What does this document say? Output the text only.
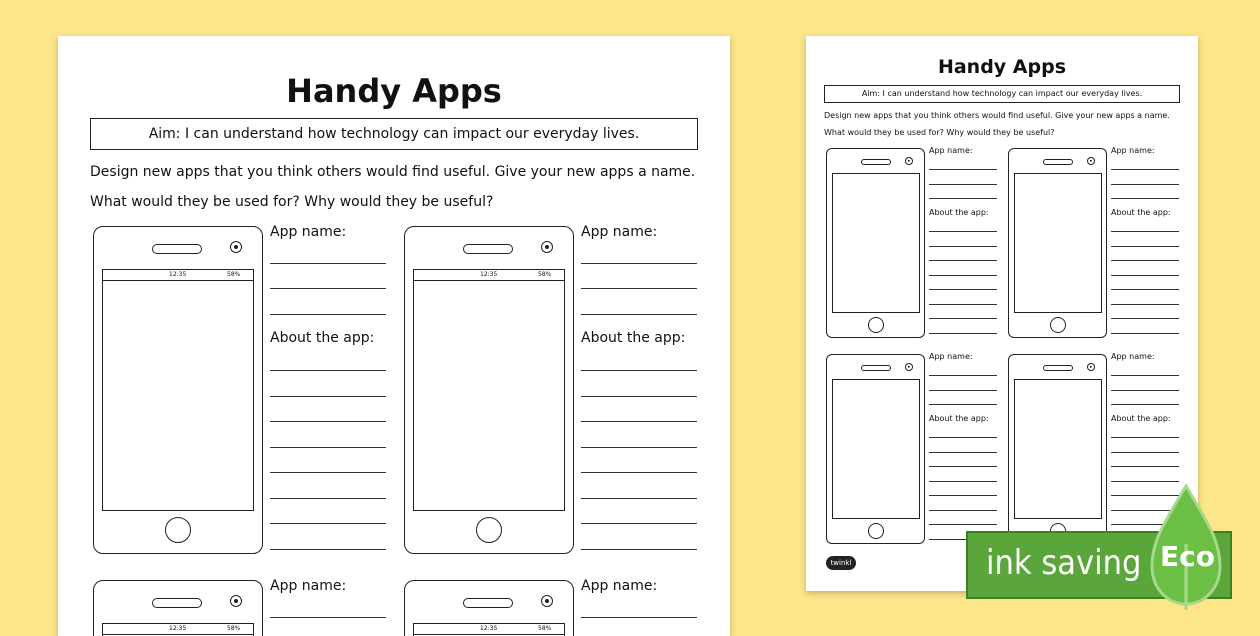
Handy Apps
Aim: I can understand how technology can impact our everyday lives.
Design new apps that you think others would find useful. Give your new apps a name.
What would they be used for? Why would they be useful?
12:35	58%
App name:
About the app:
12:35	58%
App name:
About the app:
12:35	58%
App name:
12:35	58%
App name:
Handy Apps
Aim: I can understand how technology can impact our everyday lives.
Design new apps that you think others would find useful. Give your new apps a name.
What would they be used for? Why would they be useful?
App name:
About the app:
App name:
About the app:
App name:
About the app:
App name:
About the app:
twinkl	ink saving Eco
